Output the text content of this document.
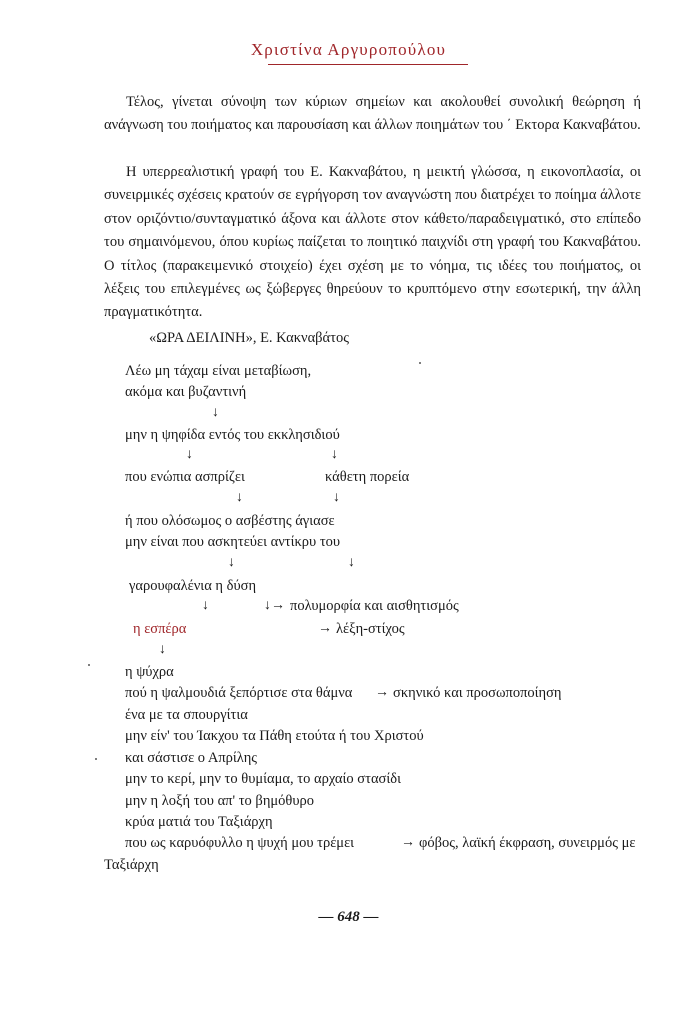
Χριστίνα Αργυροπούλου

Τέλος, γίνεται σύνοψη των κύριων σημείων και ακολουθεί συνολική θεώρηση ή ανάγνωση του ποιήματος και παρουσίαση και άλλων ποιημάτων του ΄ Εκτορα Κακναβάτου.

Η υπερρεαλιστική γραφή του Ε. Κακναβάτου, η μεικτή γλώσσα, η εικονοπλασία, οι συνειρμικές σχέσεις κρατούν σε εγρήγορση τον αναγνώστη που διατρέχει το ποίημα άλλοτε στον οριζόντιο/συνταγματικό άξονα και άλλοτε στον κάθετο/παραδειγματικό, στο επίπεδο του σημαινόμενου, όπου κυρίως παίζεται το ποιητικό παιχνίδι στη γραφή του Κακναβάτου. Ο τίτλος (παρακειμενικό στοιχείο) έχει σχέση με το νόημα, τις ιδέες του ποιήματος, οι λέξεις του επιλεγμένες ως ξώβεργες θηρεύουν το κρυπτόμενο στην εσωτερική, την άλλη πραγματικότητα.

«ΩΡΑ ΔΕΙΛΙΝΗ», Ε. Κακναβάτος
Λέω μη τάχαμ είναι μεταβίωση,
ακόμα και βυζαντινή
↓
μην η ψηφίδα εντός του εκκλησιδιού
↓	↓
που ενώπια ασπρίζει	κάθετη πορεία
↓	↓
ή που ολόσωμος ο ασβέστης άγιασε
μην είναι που ασκητεύει αντίκρυ του
↓	↓
γαρουφαλένια η δύση
↓	↓→ πολυμορφία και αισθητισμός
η εσπέρα	→ λέξη-στίχος
↓
η ψύχρα
πού η ψαλμουδιά ξεπόρτισε στα θάμνα → σκηνικό και προσωποποίηση
ένα με τα σπουργίτια
μην είν' του Ίακχου τα Πάθη ετούτα ή του Χριστού
και σάστισε ο Απρίλης
μην το κερί, μην το θυμίαμα, το αρχαίο στασίδι
μην η λοξή του απ' το βημόθυρο
κρύα ματιά του Ταξιάρχη
που ως καρυόφυλλο η ψυχή μου τρέμει	→ φόβος, λαϊκή έκφραση, συνειρμός με
Ταξιάρχη
— 648 —
